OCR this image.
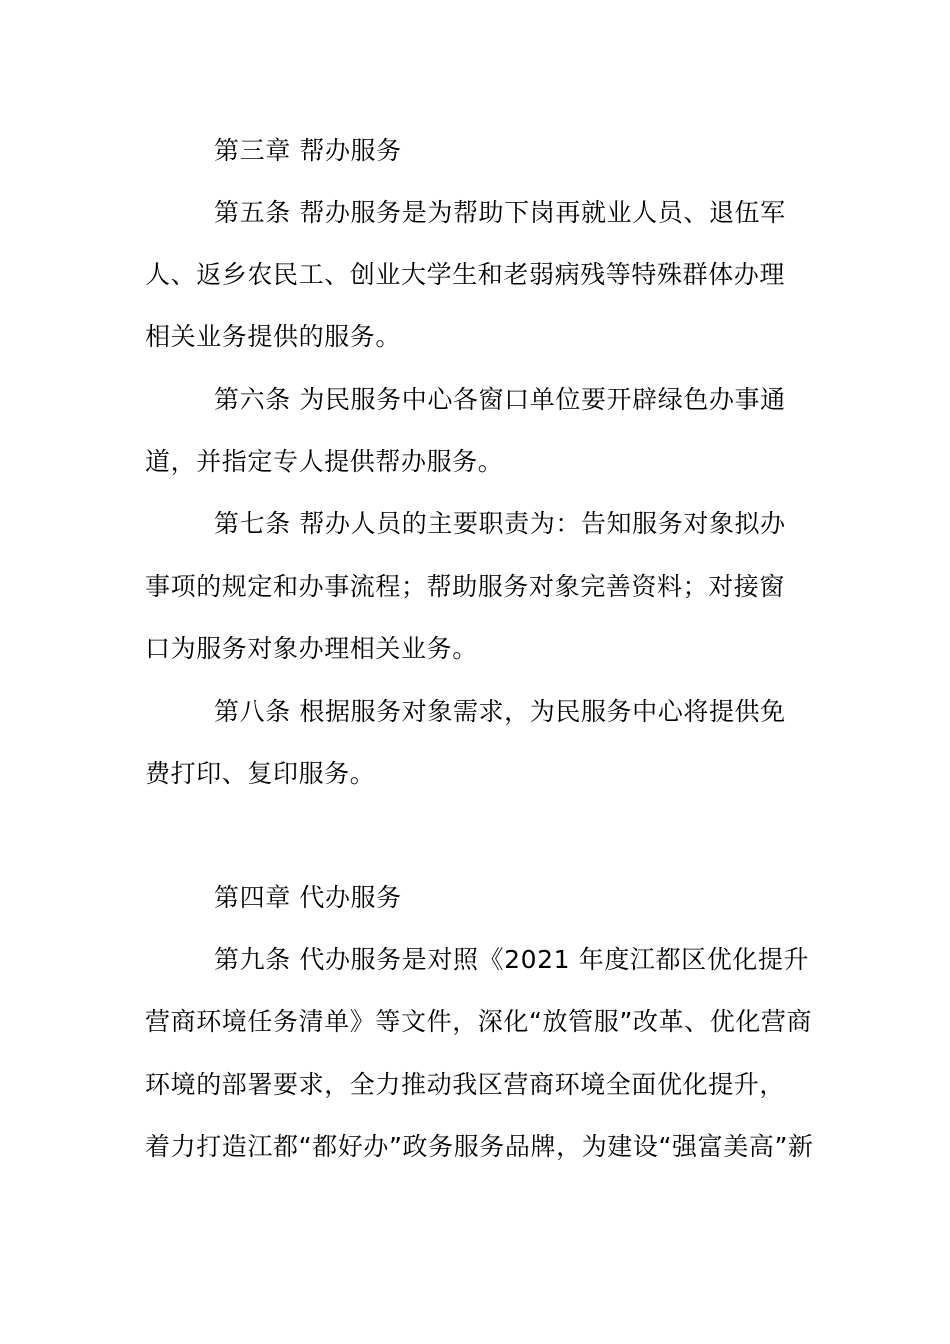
第三章 帮办服务
第五条 帮办服务是为帮助下岗再就业人员、退伍军
人、返乡农民工、创业大学生和老弱病残等特殊群体办理
相关业务提供的服务。
第六条 为民服务中心各窗口单位要开辟绿色办事通
道，并指定专人提供帮办服务。
第七条 帮办人员的主要职责为：告知服务对象拟办
事项的规定和办事流程；帮助服务对象完善资料；对接窗
口为服务对象办理相关业务。
第八条 根据服务对象需求，为民服务中心将提供免
费打印、复印服务。
第四章 代办服务
第九条 代办服务是对照《2021 年度江都区优化提升
营商环境任务清单》等文件，深化“放管服”改革、优化营商
环境的部署要求，全力推动我区营商环境全面优化提升，
着力打造江都“都好办”政务服务品牌，为建设“强富美高”新
